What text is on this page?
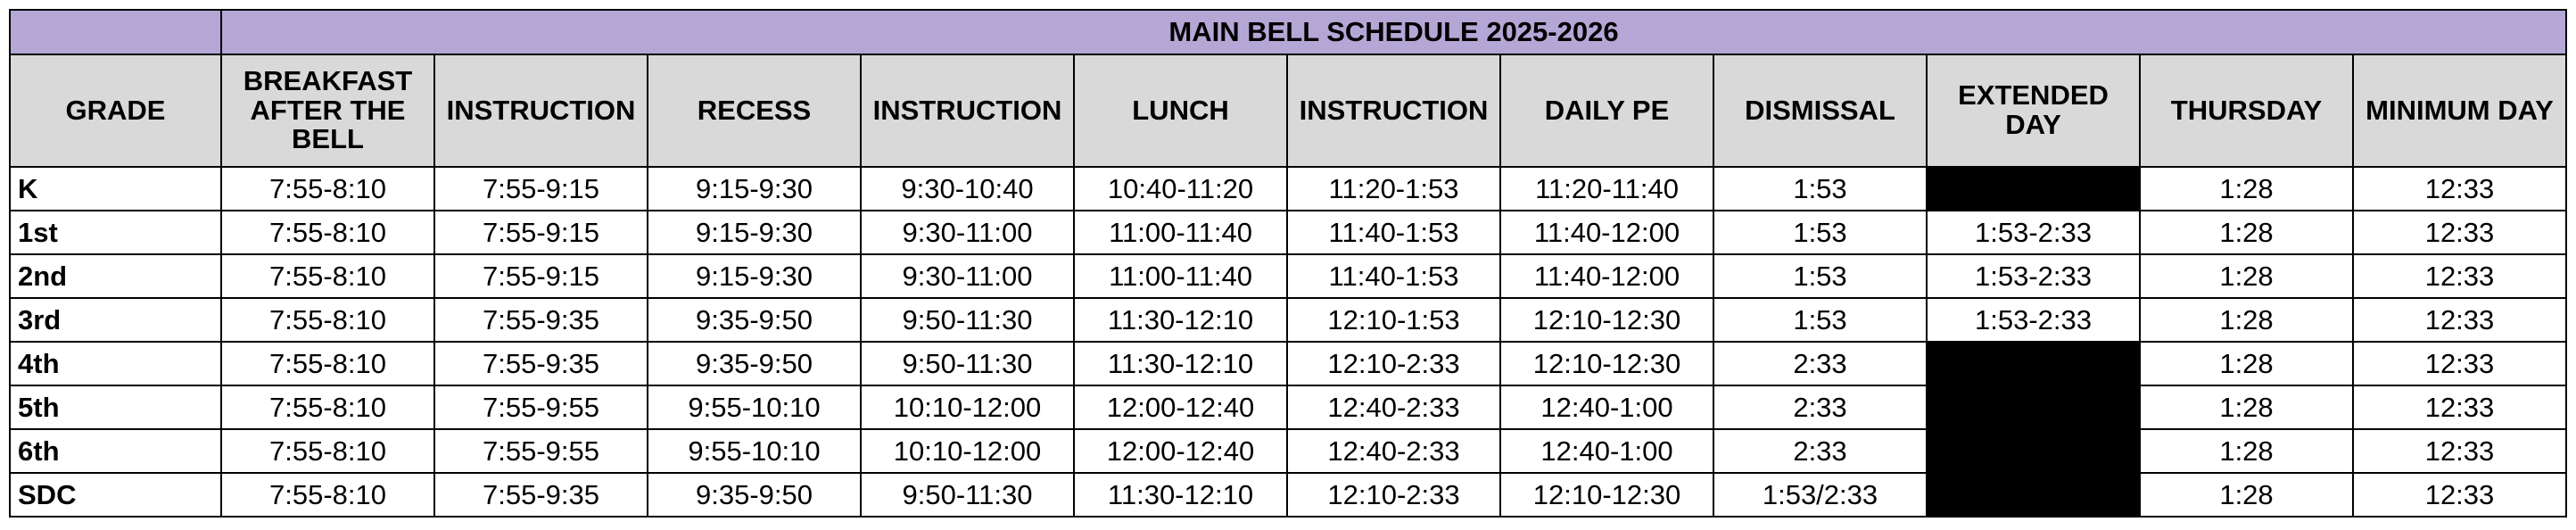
	MAIN BELL SCHEDULE 2025-2026										
GRADE	BREAKFAST AFTER THE BELL	INSTRUCTION	RECESS	INSTRUCTION	LUNCH	INSTRUCTION	DAILY PE	DISMISSAL	EXTENDED DAY	THURSDAY	MINIMUM DAY
K	7:55-8:10	7:55-9:15	9:15-9:30	9:30-10:40	10:40-11:20	11:20-1:53	11:20-11:40	1:53		1:28	12:33
1st	7:55-8:10	7:55-9:15	9:15-9:30	9:30-11:00	11:00-11:40	11:40-1:53	11:40-12:00	1:53	1:53-2:33	1:28	12:33
2nd	7:55-8:10	7:55-9:15	9:15-9:30	9:30-11:00	11:00-11:40	11:40-1:53	11:40-12:00	1:53	1:53-2:33	1:28	12:33
3rd	7:55-8:10	7:55-9:35	9:35-9:50	9:50-11:30	11:30-12:10	12:10-1:53	12:10-12:30	1:53	1:53-2:33	1:28	12:33
4th	7:55-8:10	7:55-9:35	9:35-9:50	9:50-11:30	11:30-12:10	12:10-2:33	12:10-12:30	2:33		1:28	12:33
5th	7:55-8:10	7:55-9:55	9:55-10:10	10:10-12:00	12:00-12:40	12:40-2:33	12:40-1:00	2:33		1:28	12:33
6th	7:55-8:10	7:55-9:55	9:55-10:10	10:10-12:00	12:00-12:40	12:40-2:33	12:40-1:00	2:33		1:28	12:33
SDC	7:55-8:10	7:55-9:35	9:35-9:50	9:50-11:30	11:30-12:10	12:10-2:33	12:10-12:30	1:53/2:33		1:28	12:33
